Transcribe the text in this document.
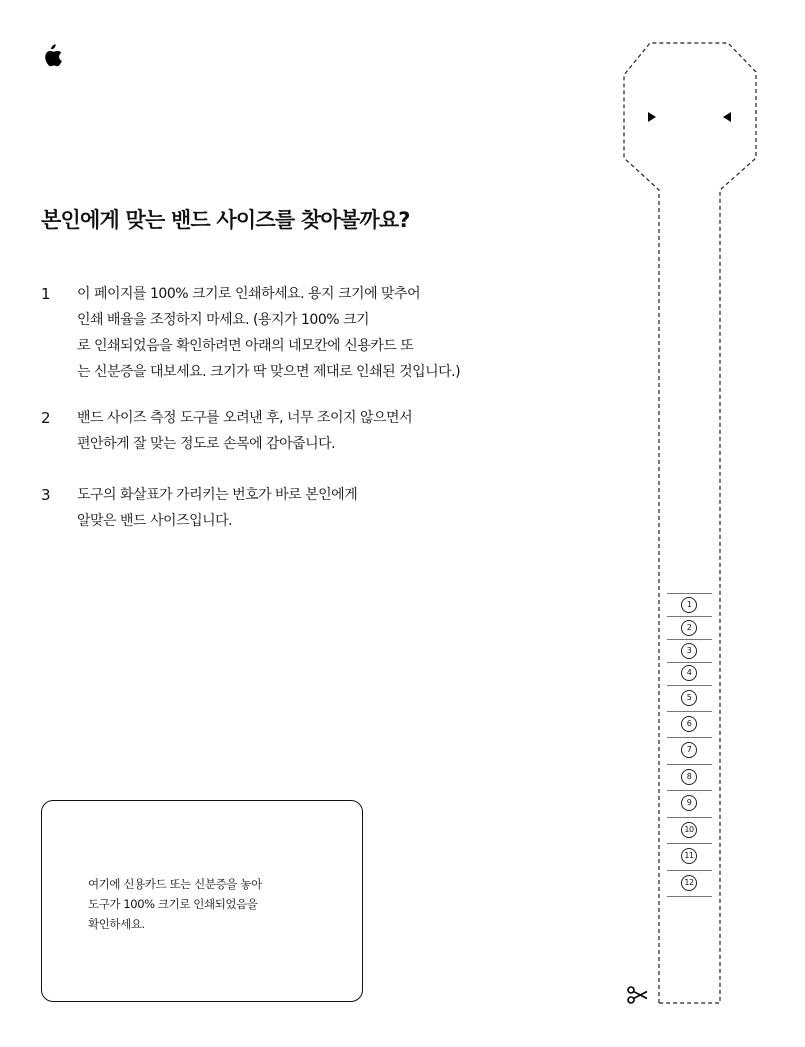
본인에게 맞는 밴드 사이즈를 찾아볼까요?
1 이 페이지를 100% 크기로 인쇄하세요. 용지 크기에 맞추어
인쇄 배율을 조정하지 마세요. (용지가 100% 크기
로 인쇄되었음을 확인하려면 아래의 네모칸에 신용카드 또
는 신분증을 대보세요. 크기가 딱 맞으면 제대로 인쇄된 것입니다.)

2 밴드 사이즈 측정 도구를 오려낸 후, 너무 조이지 않으면서
편안하게 잘 맞는 정도로 손목에 감아줍니다.

3 도구의 화살표가 가리키는 번호가 바로 본인에게
알맞은 밴드 사이즈입니다.

여기에 신용카드 또는 신분증을 놓아
도구가 100% 크기로 인쇄되었음을
확인하세요.

1
2
3
4
5
6
7
8
9
10
11
12
